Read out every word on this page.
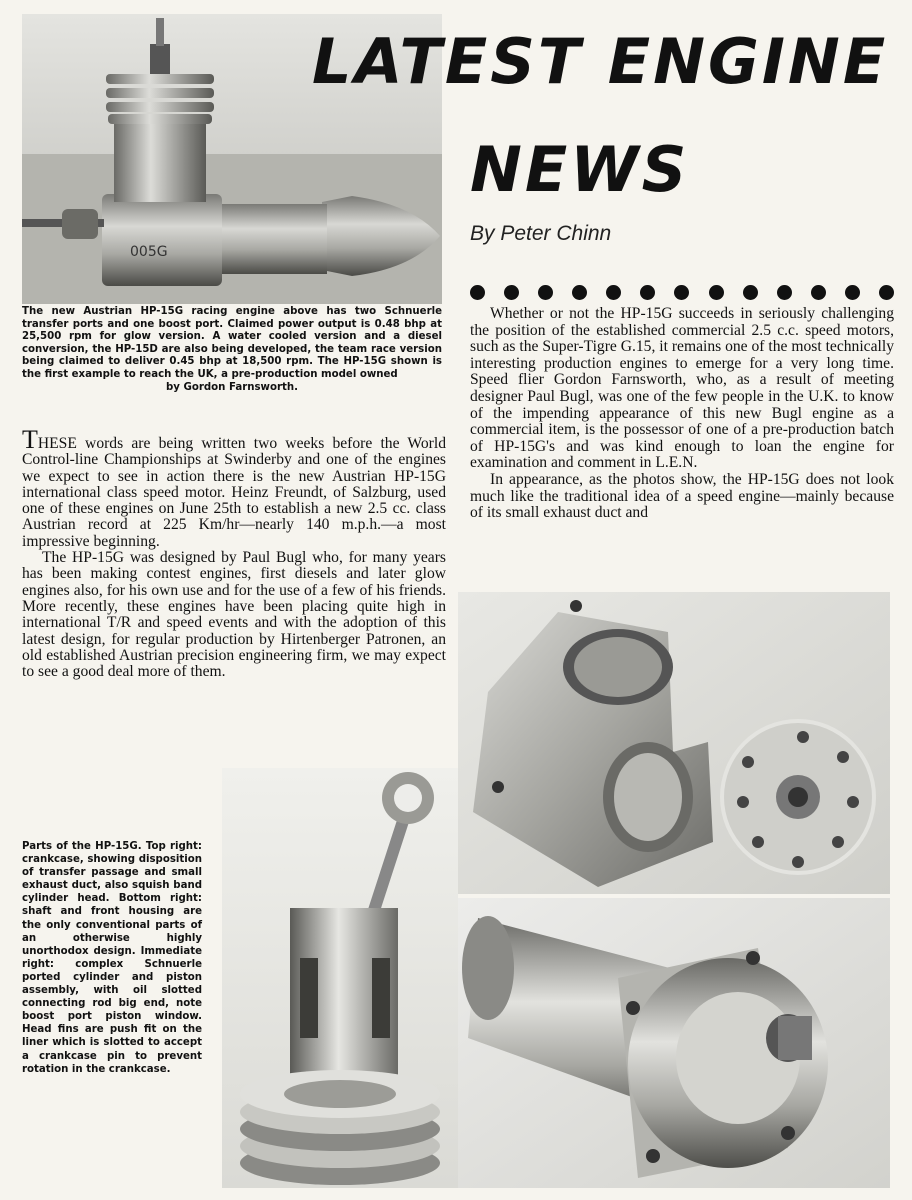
005G
LATEST ENGINE
NEWS
By Peter Chinn
The new Austrian HP-15G racing engine above has two Schnuerle transfer ports and one boost port. Claimed power output is 0.48 bhp at 25,500 rpm for glow version. A water cooled version and a diesel conversion, the HP-15D are also being developed, the team race version being claimed to deliver 0.45 bhp at 18,500 rpm. The HP-15G shown is the first example to reach the UK, a pre-production model owned
by Gordon Farnsworth.

THESE words are being written two weeks before the World Control-line Championships at Swinderby and one of the engines we expect to see in action there is the new Austrian HP-15G international class speed motor. Heinz Freundt, of Salzburg, used one of these engines on June 25th to establish a new 2.5 cc. class Austrian record at 225 Km/hr—nearly 140 m.p.h.—a most impressive beginning.

The HP-15G was designed by Paul Bugl who, for many years has been making contest engines, first diesels and later glow engines also, for his own use and for the use of a few of his friends. More recently, these engines have been placing quite high in international T/R and speed events and with the adoption of this latest design, for regular production by Hirtenberger Patronen, an old established Austrian precision engineering firm, we may expect to see a good deal more of them.

Whether or not the HP-15G succeeds in seriously challenging the position of the established commercial 2.5 c.c. speed motors, such as the Super-Tigre G.15, it remains one of the most technically interesting production engines to emerge for a very long time. Speed flier Gordon Farnsworth, who, as a result of meeting designer Paul Bugl, was one of the few people in the U.K. to know of the impending appearance of this new Bugl engine as a commercial item, is the possessor of one of a pre-production batch of HP-15G's and was kind enough to loan the engine for examination and comment in L.E.N.

In appearance, as the photos show, the HP-15G does not look much like the traditional idea of a speed engine—mainly because of its small exhaust duct and

Parts of the HP-15G. Top right: crankcase, showing disposition of transfer passage and small exhaust duct, also squish band cylinder head. Bottom right: shaft and front housing are the only conventional parts of an otherwise highly unorthodox design. Immediate right: complex Schnuerle ported cylinder and piston assembly, with oil slotted connecting rod big end, note boost port piston window. Head fins are push fit on the liner which is slotted to accept a crankcase pin to prevent rotation in the crankcase.
